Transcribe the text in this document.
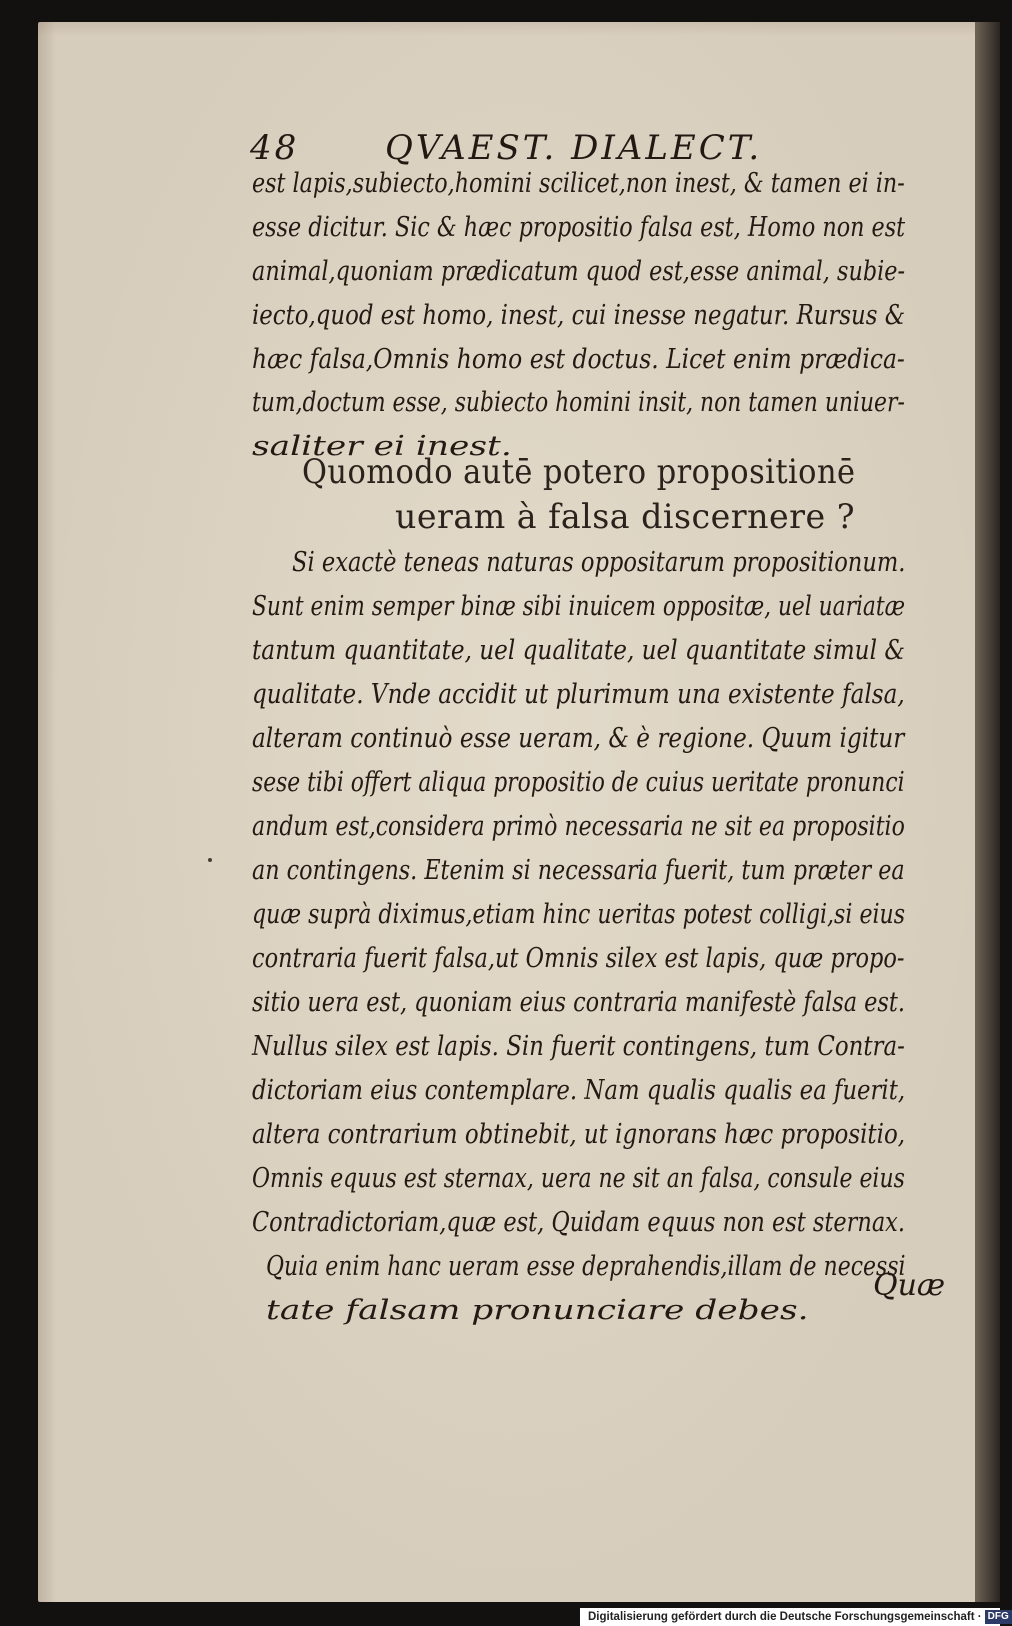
48	QVAEST. DIALECT.
est lapis,subiecto,homini scilicet,non inest, & tamen ei in-
esse dicitur. Sic & hæc propositio falsa est, Homo non est
animal,quoniam prædicatum quod est,esse animal, subie-
iecto,quod est homo, inest, cui inesse negatur. Rursus &
hæc falsa,Omnis homo est doctus. Licet enim prædica-
tum,doctum esse, subiecto homini insit, non tamen uniuer-
saliter ei inest.
Quomodo autē potero propositionē
ueram à falsa discernere ?
Si exactè teneas naturas oppositarum propositionum.
Sunt enim semper binæ sibi inuicem oppositæ, uel uariatæ
tantum quantitate, uel qualitate, uel quantitate simul &
qualitate. Vnde accidit ut plurimum una existente falsa,
alteram continuò esse ueram, & è regione. Quum igitur
sese tibi offert aliqua propositio de cuius ueritate pronunci
andum est,considera primò necessaria ne sit ea propositio
an contingens. Etenim si necessaria fuerit, tum præter ea
quæ suprà diximus,etiam hinc ueritas potest colligi,si eius
contraria fuerit falsa,ut Omnis silex est lapis, quæ propo-
sitio uera est, quoniam eius contraria manifestè falsa est.
Nullus silex est lapis. Sin fuerit contingens, tum Contra-
dictoriam eius contemplare. Nam qualis qualis ea fuerit,
altera contrarium obtinebit, ut ignorans hæc propositio,
Omnis equus est sternax, uera ne sit an falsa, consule eius
Contradictoriam,quæ est, Quidam equus non est sternax.
Quia enim hanc ueram esse deprahendis,illam de necessi
tate falsam pronunciare debes.
Quæ
Digitalisierung gefördert durch die Deutsche Forschungsgemeinschaft · DFG
